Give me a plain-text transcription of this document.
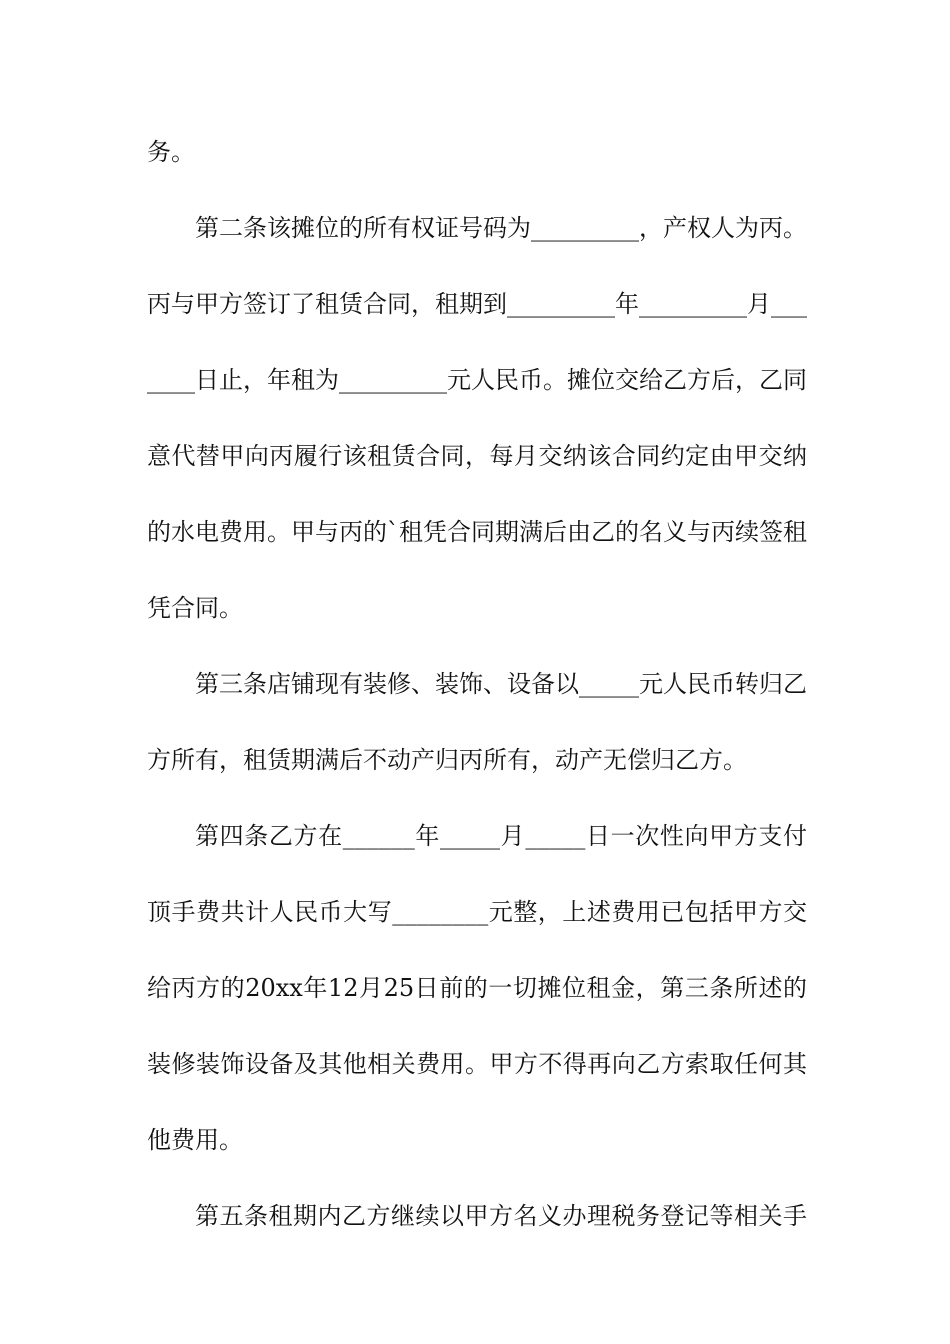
务。
第二条该摊位的所有权证号码为_________，产权人为丙。
丙与甲方签订了租赁合同，租期到_________年_________月___
____日止，年租为_________元人民币。摊位交给乙方后，乙同
意代替甲向丙履行该租赁合同，每月交纳该合同约定由甲交纳
的水电费用。甲与丙的`租凭合同期满后由乙的名义与丙续签租
凭合同。
第三条店铺现有装修、装饰、设备以_____元人民币转归乙
方所有，租赁期满后不动产归丙所有，动产无偿归乙方。
第四条乙方在______年_____月_____日一次性向甲方支付
顶手费共计人民币大写________元整，上述费用已包括甲方交
给丙方的20xx年12月25日前的一切摊位租金，第三条所述的
装修装饰设备及其他相关费用。甲方不得再向乙方索取任何其
他费用。
第五条租期内乙方继续以甲方名义办理税务登记等相关手
